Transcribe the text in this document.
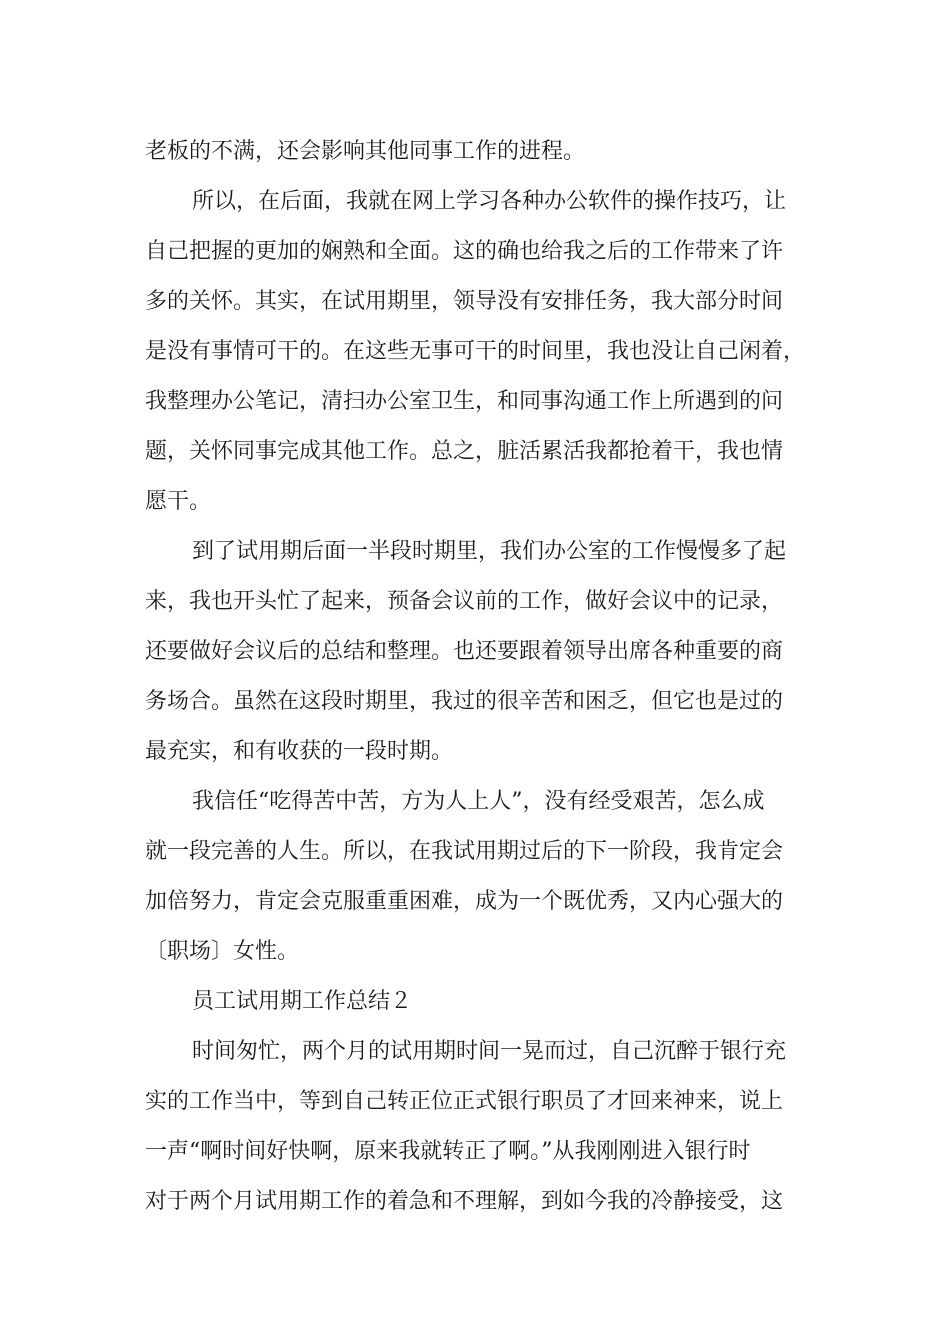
老板的不满，还会影响其他同事工作的进程。
所以，在后面，我就在网上学习各种办公软件的操作技巧，让
自己把握的更加的娴熟和全面。这的确也给我之后的工作带来了许
多的关怀。其实，在试用期里，领导没有安排任务，我大部分时间
是没有事情可干的。在这些无事可干的时间里，我也没让自己闲着，
我整理办公笔记，清扫办公室卫生，和同事沟通工作上所遇到的问
题，关怀同事完成其他工作。总之，脏活累活我都抢着干，我也情
愿干。
到了试用期后面一半段时期里，我们办公室的工作慢慢多了起
来，我也开头忙了起来，预备会议前的工作，做好会议中的记录，
还要做好会议后的总结和整理。也还要跟着领导出席各种重要的商
务场合。虽然在这段时期里，我过的很辛苦和困乏，但它也是过的
最充实，和有收获的一段时期。
我信任“吃得苦中苦，方为人上人”，没有经受艰苦，怎么成
就一段完善的人生。所以，在我试用期过后的下一阶段，我肯定会
加倍努力，肯定会克服重重困难，成为一个既优秀，又内心强大的
〔职场〕女性。
员工试用期工作总结２
时间匆忙，两个月的试用期时间一晃而过，自己沉醉于银行充
实的工作当中，等到自己转正位正式银行职员了才回来神来，说上
一声“啊时间好快啊，原来我就转正了啊。”从我刚刚进入银行时
对于两个月试用期工作的着急和不理解，到如今我的冷静接受，这
